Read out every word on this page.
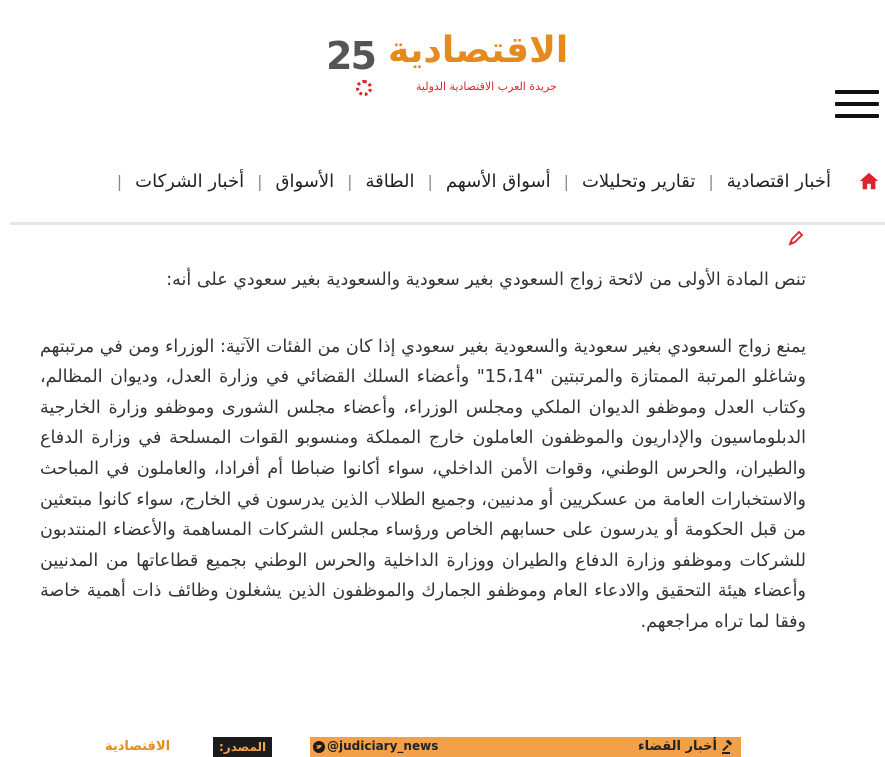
25 الاقتصادية
جريدة العرب الاقتصادية الدولية
أخبار اقتصادية
|
تقارير وتحليلات
|
أسواق الأسهم
|
الطاقة
|
الأسواق
|
أخبار الشركات
|

تنص المادة الأولى من لائحة زواج السعودي بغير سعودية والسعودية بغير سعودي على أنه:

يمنع زواج السعودي بغير سعودية والسعودية بغير سعودي إذا كان من الفئات الآتية: الوزراء ومن في مرتبتهم وشاغلو المرتبة الممتازة والمرتبتين "15،14" وأعضاء السلك القضائي في وزارة العدل، وديوان المظالم، وكتاب العدل وموظفو الديوان الملكي ومجلس الوزراء، وأعضاء مجلس الشورى وموظفو وزارة الخارجية الدبلوماسيون والإداريون والموظفون العاملون خارج المملكة ومنسوبو القوات المسلحة في وزارة الدفاع والطيران، والحرس الوطني، وقوات الأمن الداخلي، سواء أكانوا ضباطا أم أفرادا، والعاملون في المباحث والاستخبارات العامة من عسكريين أو مدنيين، وجميع الطلاب الذين يدرسون في الخارج، سواء كانوا مبتعثين من قبل الحكومة أو يدرسون على حسابهم الخاص ورؤساء مجلس الشركات المساهمة والأعضاء المنتدبون للشركات وموظفو وزارة الدفاع والطيران ووزارة الداخلية والحرس الوطني بجميع قطاعاتها من المدنيين وأعضاء هيئة التحقيق والادعاء العام وموظفو الجمارك والموظفون الذين يشغلون وظائف ذات أهمية خاصة وفقا لما تراه مراجعهم.

الاقتصادية	المصدر:	@judiciary_news	أخبار القضاء
